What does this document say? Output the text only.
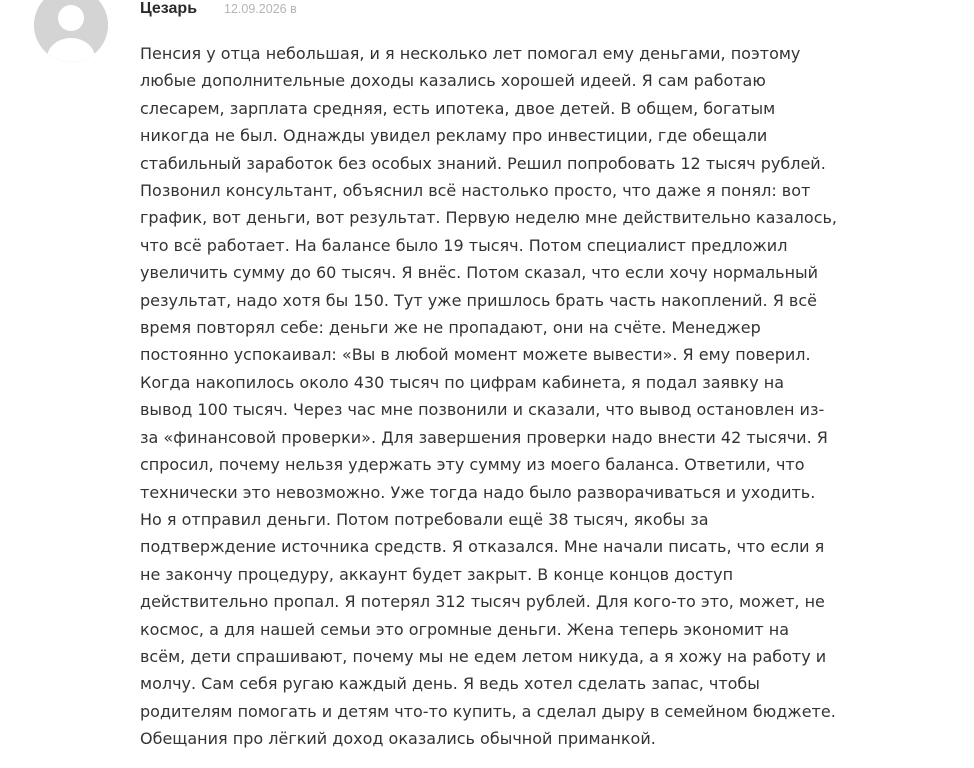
Цезарь 12.09.2026 в

Пенсия у отца небольшая, и я несколько лет помогал ему деньгами, поэтому
любые дополнительные доходы казались хорошей идеей. Я сам работаю
слесарем, зарплата средняя, есть ипотека, двое детей. В общем, богатым
никогда не был. Однажды увидел рекламу про инвестиции, где обещали
стабильный заработок без особых знаний. Решил попробовать 12 тысяч рублей.
Позвонил консультант, объяснил всё настолько просто, что даже я понял: вот
график, вот деньги, вот результат. Первую неделю мне действительно казалось,
что всё работает. На балансе было 19 тысяч. Потом специалист предложил
увеличить сумму до 60 тысяч. Я внёс. Потом сказал, что если хочу нормальный
результат, надо хотя бы 150. Тут уже пришлось брать часть накоплений. Я всё
время повторял себе: деньги же не пропадают, они на счёте. Менеджер
постоянно успокаивал: «Вы в любой момент можете вывести». Я ему поверил.
Когда накопилось около 430 тысяч по цифрам кабинета, я подал заявку на
вывод 100 тысяч. Через час мне позвонили и сказали, что вывод остановлен из-
за «финансовой проверки». Для завершения проверки надо внести 42 тысячи. Я
спросил, почему нельзя удержать эту сумму из моего баланса. Ответили, что
технически это невозможно. Уже тогда надо было разворачиваться и уходить.
Но я отправил деньги. Потом потребовали ещё 38 тысяч, якобы за
подтверждение источника средств. Я отказался. Мне начали писать, что если я
не закончу процедуру, аккаунт будет закрыт. В конце концов доступ
действительно пропал. Я потерял 312 тысяч рублей. Для кого-то это, может, не
космос, а для нашей семьи это огромные деньги. Жена теперь экономит на
всём, дети спрашивают, почему мы не едем летом никуда, а я хожу на работу и
молчу. Сам себя ругаю каждый день. Я ведь хотел сделать запас, чтобы
родителям помогать и детям что-то купить, а сделал дыру в семейном бюджете.
Обещания про лёгкий доход оказались обычной приманкой.
